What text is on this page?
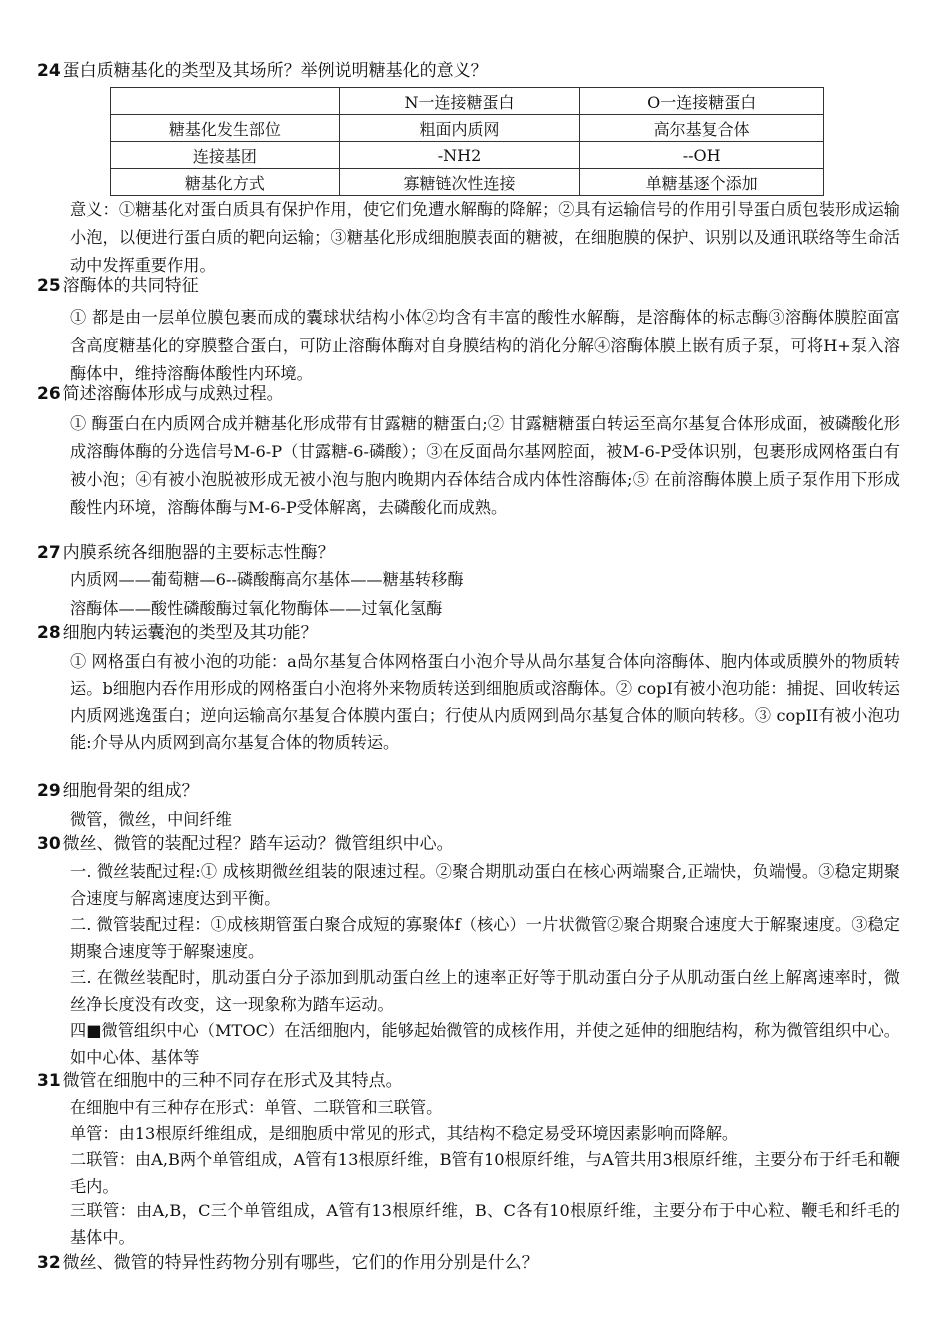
24 蛋白质糖基化的类型及其场所？举例说明糖基化的意义？
	N一连接糖蛋白	O一连接糖蛋白
糖基化发生部位	粗面内质网	高尔基复合体
连接基团	-NH2	--OH
糖基化方式	寡糖链次性连接	单糖基逐个添加
意义：①糖基化对蛋白质具有保护作用，使它们免遭水解酶的降解；②具有运输信号的作用引导蛋白质包装形成运输小泡，以便进行蛋白质的靶向运输；③糖基化形成细胞膜表面的糖被，在细胞膜的保护、识别以及通讯联络等生命活动中发挥重要作用。
25 溶酶体的共同特征
① 都是由一层单位膜包裹而成的囊球状结构小体②均含有丰富的酸性水解酶，是溶酶体的标志酶③溶酶体膜腔面富含高度糖基化的穿膜整合蛋白，可防止溶酶体酶对自身膜结构的消化分解④溶酶体膜上嵌有质子泵，可将H+泵入溶酶体中，维持溶酶体酸性内环境。
26 简述溶酶体形成与成熟过程。
① 酶蛋白在内质网合成并糖基化形成带有甘露糖的糖蛋白;② 甘露糖糖蛋白转运至高尔基复合体形成面，被磷酸化形成溶酶体酶的分选信号M-6-P（甘露糖-6-磷酸）；③在反面咼尔基网腔面，被M-6-P受体识别，包裹形成网格蛋白有被小泡；④有被小泡脱被形成无被小泡与胞内晚期内吞体结合成内体性溶酶体;⑤ 在前溶酶体膜上质子泵作用下形成酸性内环境，溶酶体酶与M-6-P受体解离，去磷酸化而成熟。
27 内膜系统各细胞器的主要标志性酶？
内质网——葡萄糖—6--磷酸酶高尔基体——糖基转移酶
溶酶体——酸性磷酸酶过氧化物酶体——过氧化氢酶
28 细胞内转运囊泡的类型及其功能？
① 网格蛋白有被小泡的功能：a咼尔基复合体网格蛋白小泡介导从咼尔基复合体向溶酶体、胞内体或质膜外的物质转运。b细胞内吞作用形成的网格蛋白小泡将外来物质转送到细胞质或溶酶体。② copI有被小泡功能：捕捉、回收转运内质网逃逸蛋白；逆向运输高尔基复合体膜内蛋白；行使从内质网到咼尔基复合体的顺向转移。③ copII有被小泡功能:介导从内质网到高尔基复合体的物质转运。
29 细胞骨架的组成？
微管，微丝，中间纤维
30 微丝、微管的装配过程？踏车运动？微管组织中心。
一. 微丝装配过程:① 成核期微丝组装的限速过程。②聚合期肌动蛋白在核心两端聚合,正端快，负端慢。③稳定期聚合速度与解离速度达到平衡。
二. 微管装配过程：①成核期管蛋白聚合成短的寡聚体f（核心）一片状微管②聚合期聚合速度大于解聚速度。③稳定期聚合速度等于解聚速度。
三. 在微丝装配时，肌动蛋白分子添加到肌动蛋白丝上的速率正好等于肌动蛋白分子从肌动蛋白丝上解离速率时，微丝净长度没有改变，这一现象称为踏车运动。
四■微管组织中心（MTOC）在活细胞内，能够起始微管的成核作用，并使之延伸的细胞结构，称为微管组织中心。如中心体、基体等
31 微管在细胞中的三种不同存在形式及其特点。
在细胞中有三种存在形式：单管、二联管和三联管。
单管：由13根原纤维组成，是细胞质中常见的形式，其结构不稳定易受环境因素影响而降解。
二联管：由A,B两个单管组成，A管有13根原纤维，B管有10根原纤维，与A管共用3根原纤维，主要分布于纤毛和鞭毛内。
三联管：由A,B，C三个单管组成，A管有13根原纤维，B、C各有10根原纤维，主要分布于中心粒、鞭毛和纤毛的基体中。
32 微丝、微管的特异性药物分别有哪些，它们的作用分别是什么？
